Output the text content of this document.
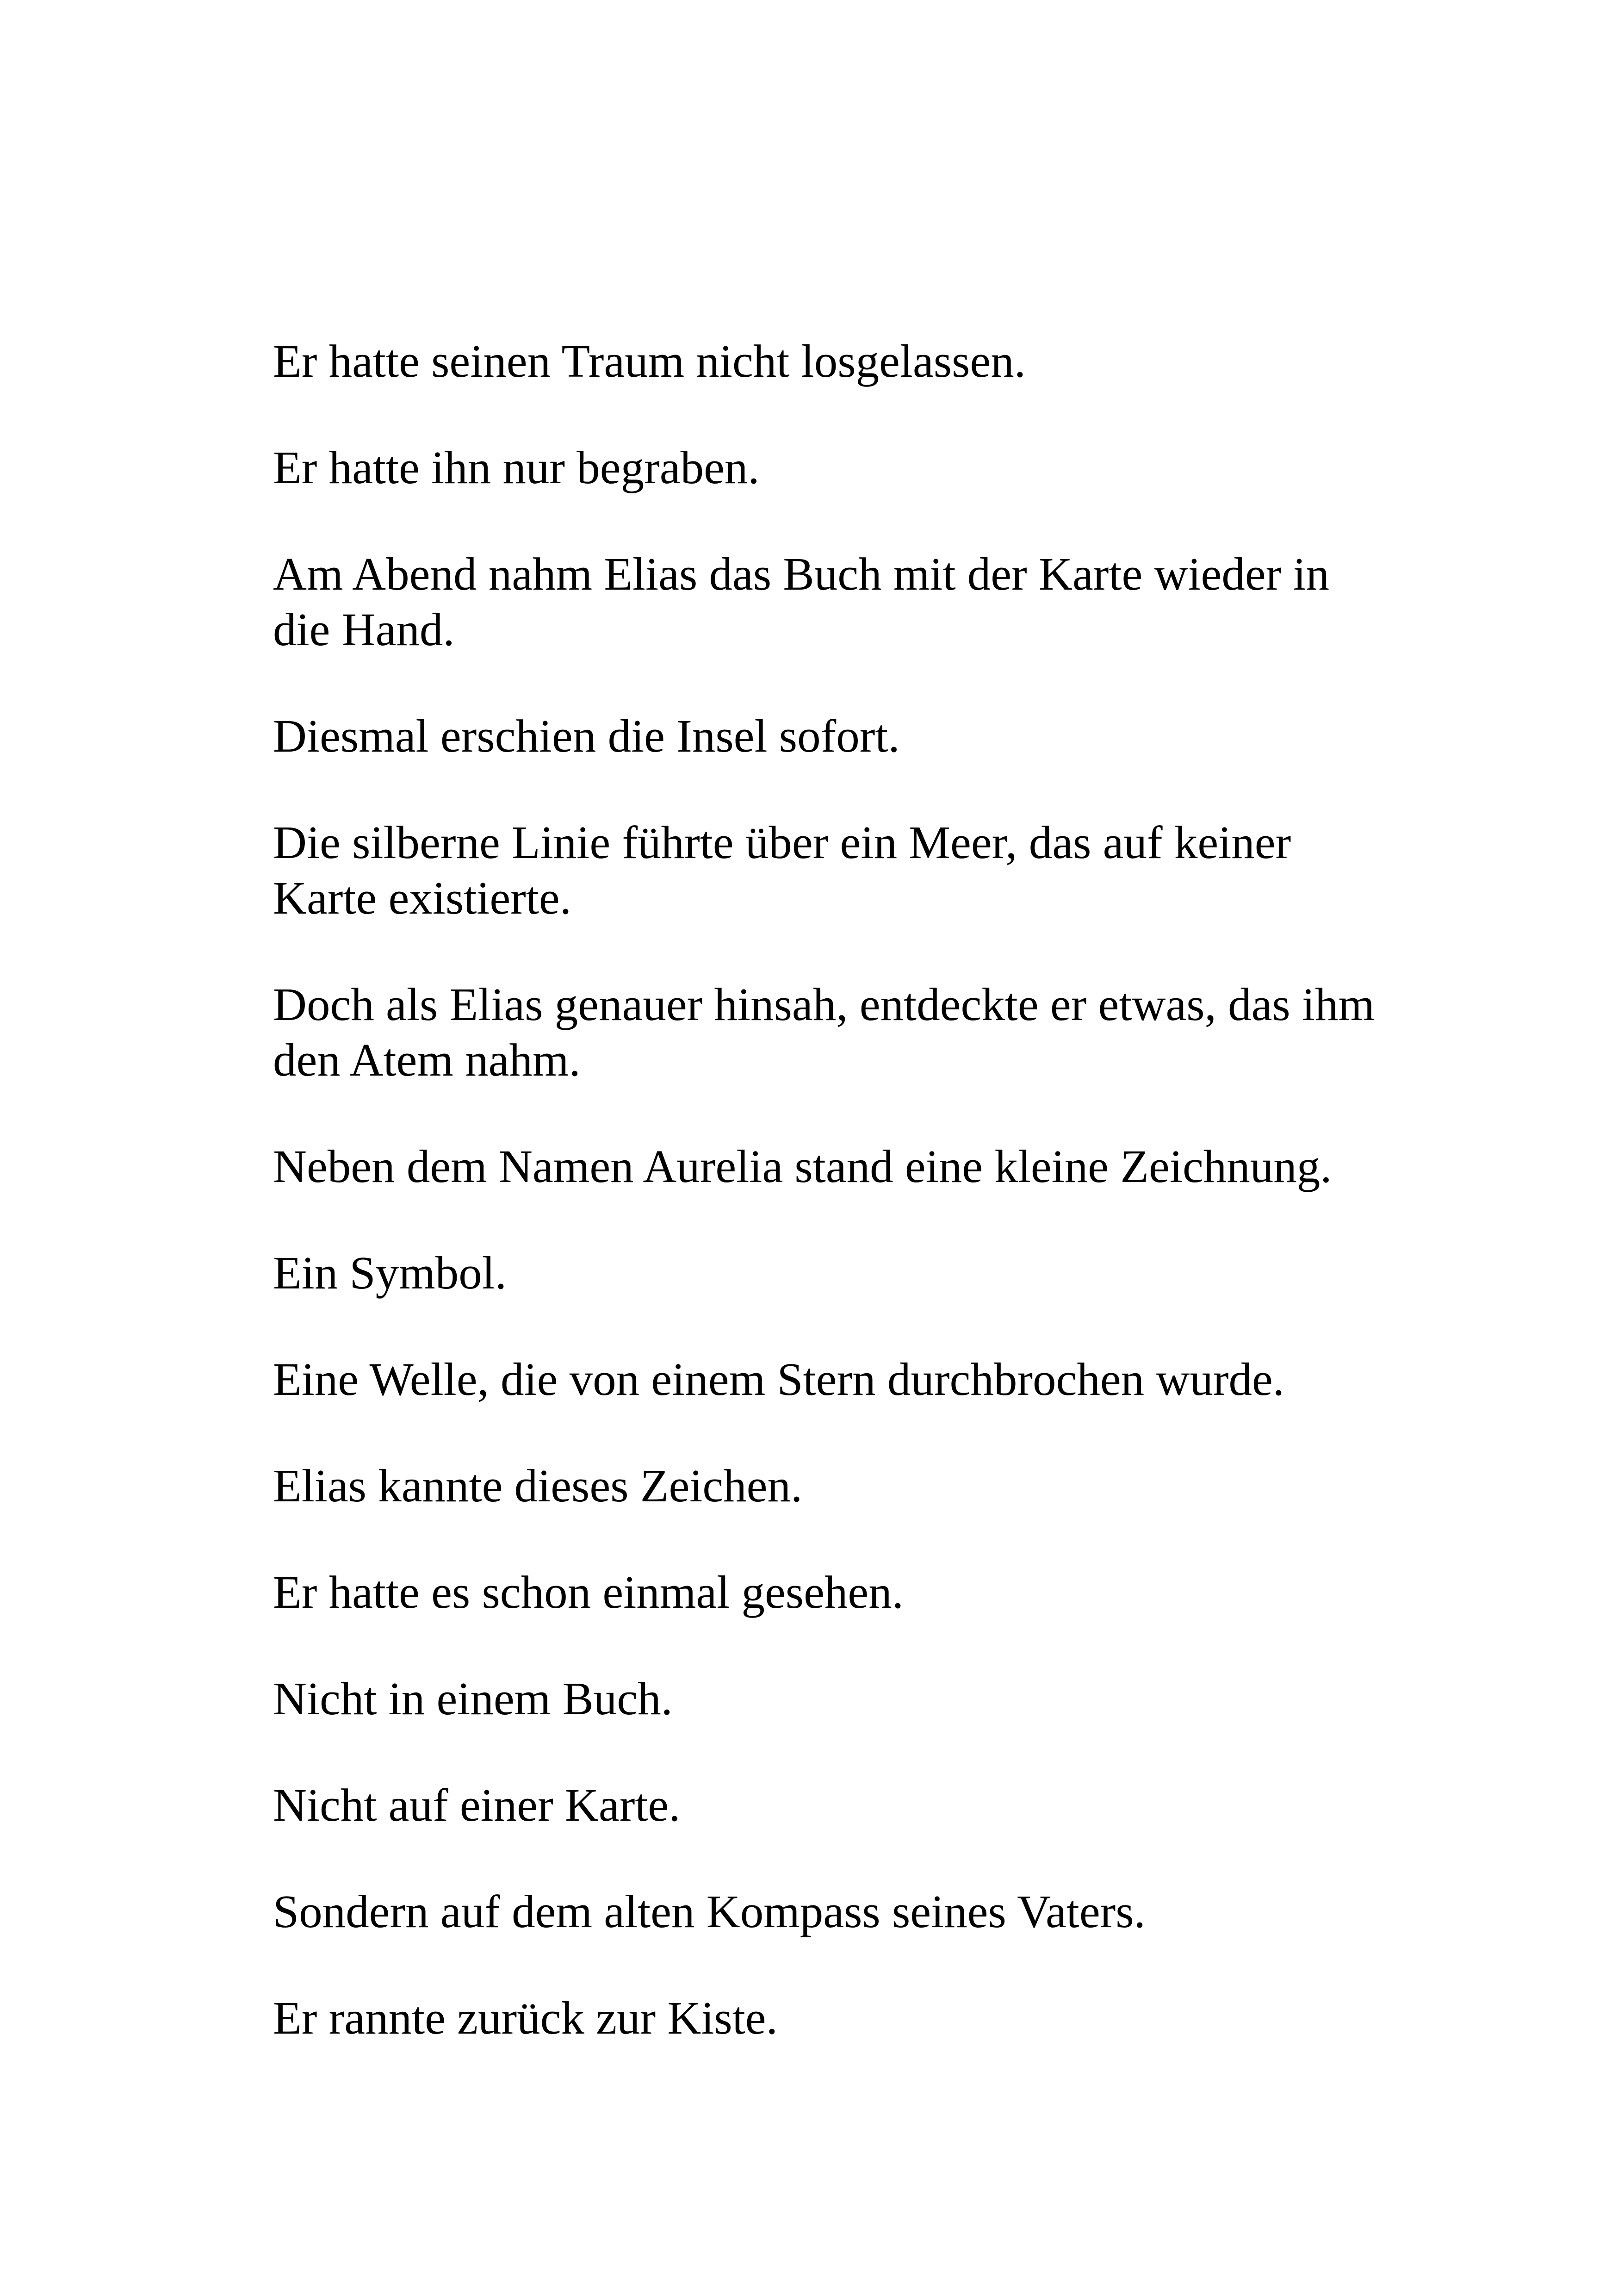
Er hatte seinen Traum nicht losgelassen.

Er hatte ihn nur begraben.

Am Abend nahm Elias das Buch mit der Karte wieder in die Hand.

Diesmal erschien die Insel sofort.

Die silberne Linie führte über ein Meer, das auf keiner Karte existierte.

Doch als Elias genauer hinsah, entdeckte er etwas, das ihm den Atem nahm.

Neben dem Namen Aurelia stand eine kleine Zeichnung.

Ein Symbol.

Eine Welle, die von einem Stern durchbrochen wurde.

Elias kannte dieses Zeichen.

Er hatte es schon einmal gesehen.

Nicht in einem Buch.

Nicht auf einer Karte.

Sondern auf dem alten Kompass seines Vaters.

Er rannte zurück zur Kiste.
